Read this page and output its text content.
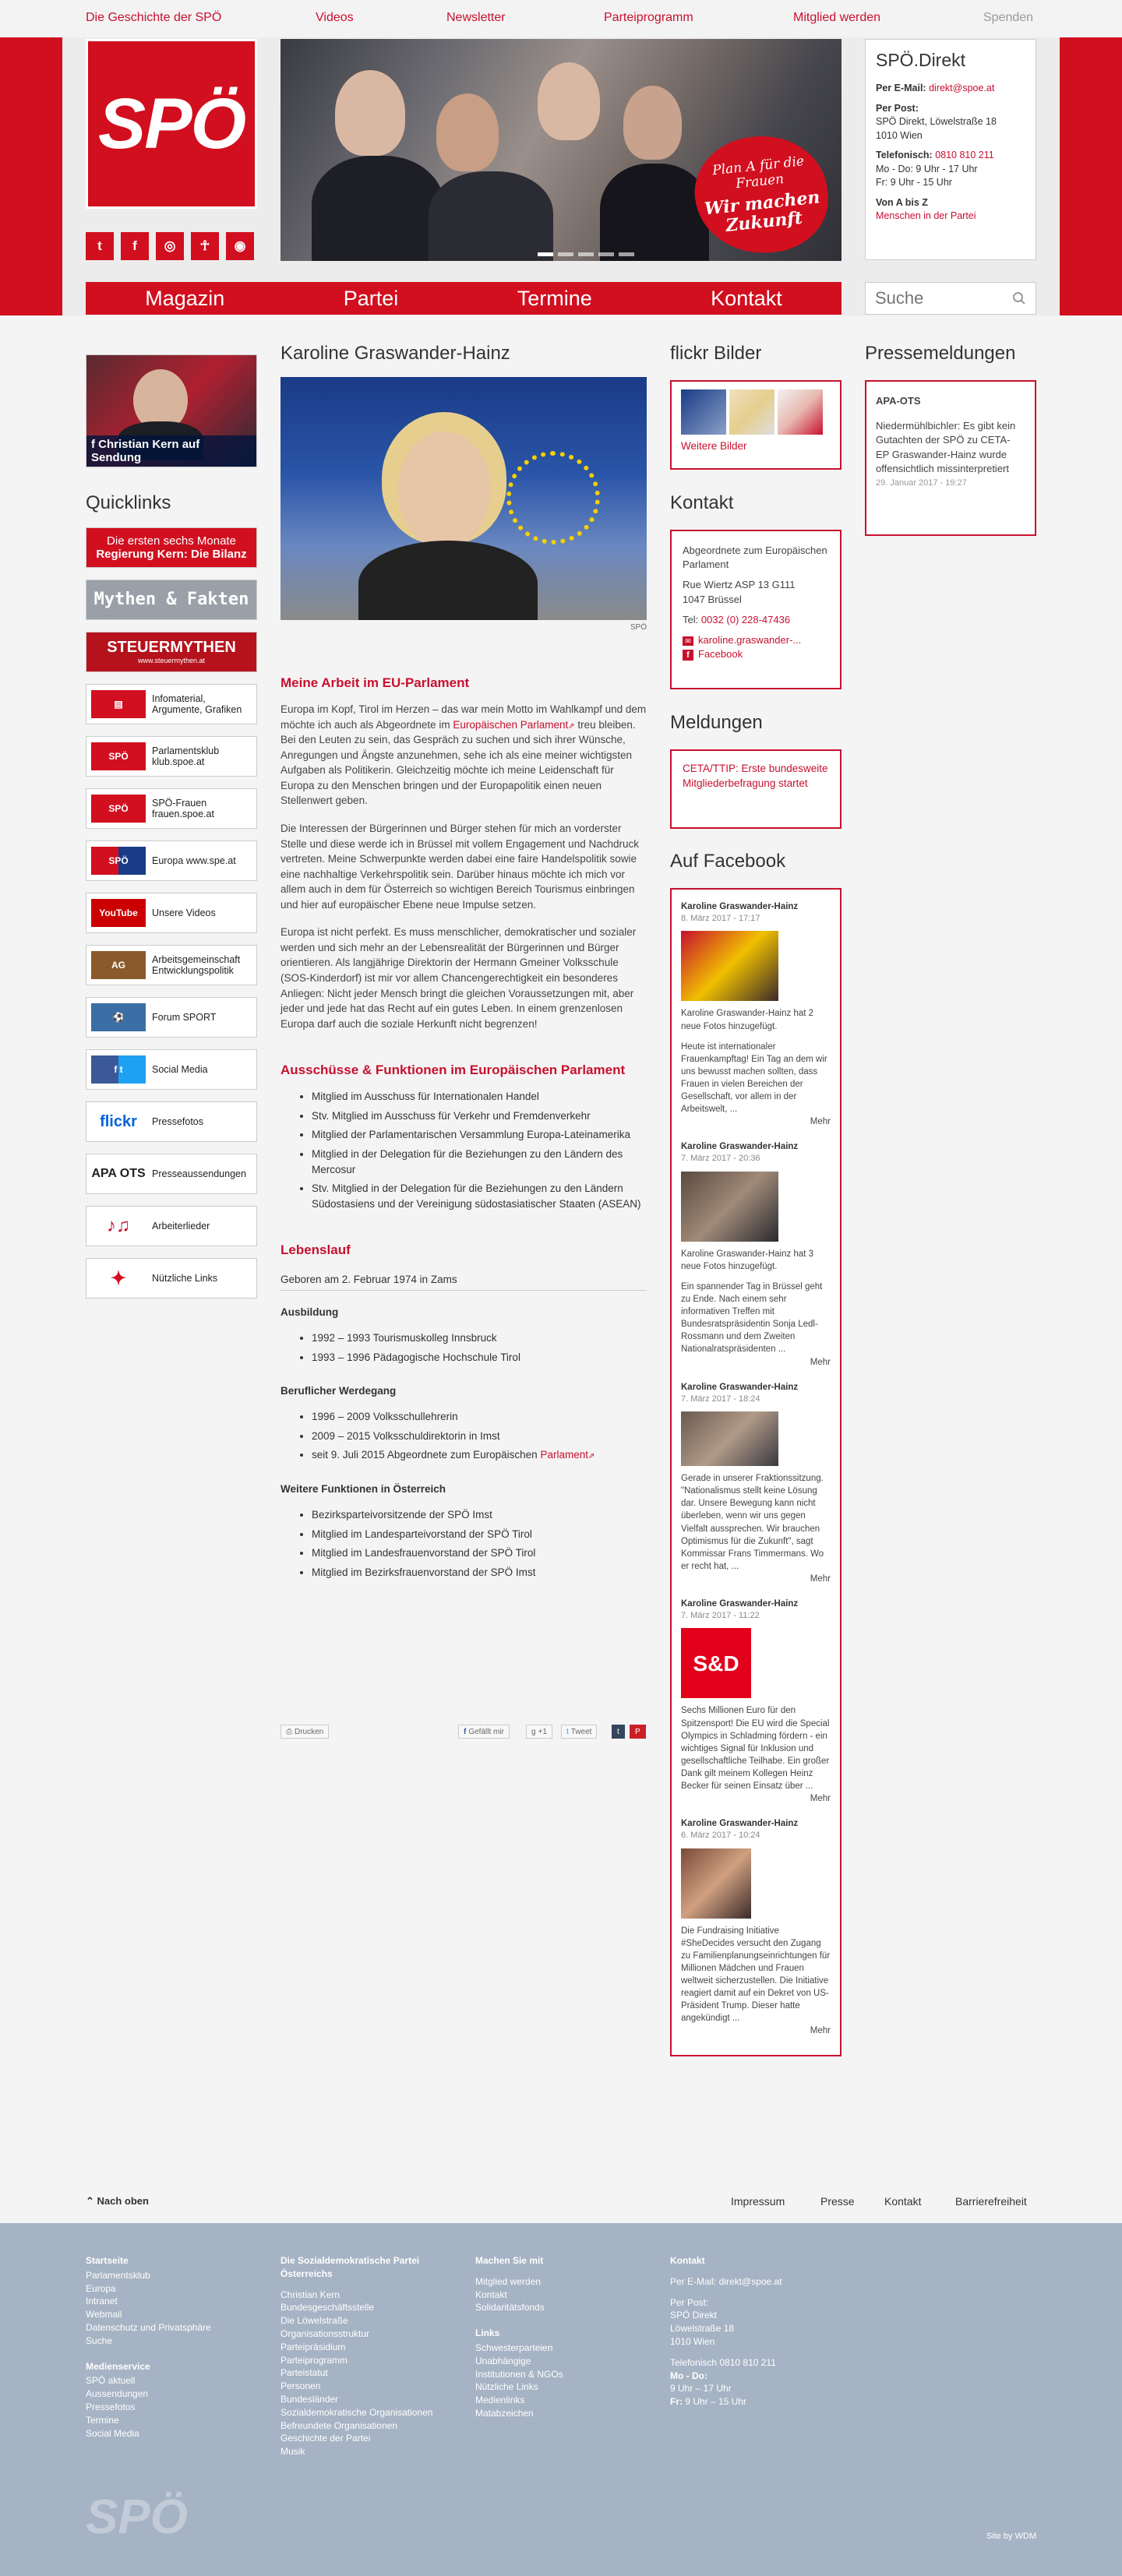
Die Geschichte der SPÖ	Videos	Newsletter	Parteiprogramm	Mitglied werden	Spenden
SPÖ
t	f	◎	☥	◉
Plan A für die Frauen
Wir machen Zukunft
SPÖ.Direkt
Per E-Mail: direkt@spoe.at
Per Post:
SPÖ Direkt, Löwelstraße 18
1010 Wien
Telefonisch: 0810 810 211
Mo - Do: 9 Uhr - 17 Uhr
Fr: 9 Uhr - 15 Uhr
Von A bis Z
Menschen in der Partei
Magazin	Partei	Termine	Kontakt
Suche
f Christian Kern auf Sendung
Quicklinks
Die ersten sechs Monate
Regierung Kern: Die Bilanz
Mythen & Fakten
STEUERMYTHEN
www.steuermythen.at
▤	Infomaterial, Argumente, Grafiken
SPÖ	Parlamentsklub klub.spoe.at
SPÖ	SPÖ-Frauen frauen.spoe.at
SPÖ	Europa www.spe.at
YouTube	Unsere Videos
AG	Arbeitsgemeinschaft Entwicklungspolitik
⚽	Forum SPORT
f t	Social Media
flickr	Pressefotos
APA OTS Presseaussendungen
♪♫	Arbeiterlieder
✦	Nützliche Links
Karoline Graswander-Hainz
SPÖ
Meine Arbeit im EU-Parlament

Europa im Kopf, Tirol im Herzen – das war mein Motto im Wahlkampf und dem möchte ich auch als Abgeordnete im Europäischen Parlament⇗ treu bleiben. Bei den Leuten zu sein, das Gespräch zu suchen und sich ihrer Wünsche, Anregungen und Ängste anzunehmen, sehe ich als eine meiner wichtigsten Aufgaben als Politikerin. Gleichzeitig möchte ich meine Leidenschaft für Europa zu den Menschen bringen und der Europapolitik einen neuen Stellenwert geben.

Die Interessen der Bürgerinnen und Bürger stehen für mich an vorderster Stelle und diese werde ich in Brüssel mit vollem Engagement und Nachdruck vertreten. Meine Schwerpunkte werden dabei eine faire Handelspolitik sowie eine nachhaltige Verkehrspolitik sein. Darüber hinaus möchte ich mich vor allem auch in dem für Österreich so wichtigen Bereich Tourismus einbringen und hier auf europäischer Ebene neue Impulse setzen.

Europa ist nicht perfekt. Es muss menschlicher, demokratischer und sozialer werden und sich mehr an der Lebensrealität der Bürgerinnen und Bürger orientieren. Als langjährige Direktorin der Hermann Gmeiner Volksschule (SOS-Kinderdorf) ist mir vor allem Chancengerechtigkeit ein besonderes Anliegen: Nicht jeder Mensch bringt die gleichen Voraussetzungen mit, aber jeder und jede hat das Recht auf ein gutes Leben. In einem grenzenlosen Europa darf auch die soziale Herkunft nicht begrenzen!

Ausschüsse & Funktionen im Europäischen Parlament
• Mitglied im Ausschuss für Internationalen Handel
• Stv. Mitglied im Ausschuss für Verkehr und Fremdenverkehr
• Mitglied der Parlamentarischen Versammlung Europa-Lateinamerika
• Mitglied in der Delegation für die Beziehungen zu den Ländern des Mercosur
• Stv. Mitglied in der Delegation für die Beziehungen zu den Ländern Südostasiens und der Vereinigung südostasiatischer Staaten (ASEAN)
Lebenslauf
Geboren am 2. Februar 1974 in Zams
Ausbildung
• 1992 – 1993 Tourismuskolleg Innsbruck
• 1993 – 1996 Pädagogische Hochschule Tirol
Beruflicher Werdegang
• 1996 – 2009 Volksschullehrerin
• 2009 – 2015 Volksschuldirektorin in Imst
• seit 9. Juli 2015 Abgeordnete zum Europäischen Parlament⇗
Weitere Funktionen in Österreich
• Bezirksparteivorsitzende der SPÖ Imst
• Mitglied im Landesparteivorstand der SPÖ Tirol
• Mitglied im Landesfrauenvorstand der SPÖ Tirol
• Mitglied im Bezirksfrauenvorstand der SPÖ Imst
⎙ Drucken	f Gefällt mir	g +1	t Tweet	t P
flickr Bilder
Weitere Bilder
Kontakt
Abgeordnete zum Europäischen Parlament
Rue Wiertz ASP 13 G111
1047 Brüssel
Tel: 0032 (0) 228-47436
✉ karoline.graswander-...
f Facebook
Meldungen
CETA/TTIP: Erste bundesweite Mitgliederbefragung startet
Auf Facebook
Karoline Graswander-Hainz
8. März 2017 - 17:17
Karoline Graswander-Hainz hat 2 neue Fotos hinzugefügt.
Heute ist internationaler Frauenkampftag! Ein Tag an dem wir uns bewusst machen sollten, dass Frauen in vielen Bereichen der Gesellschaft, vor allem in der Arbeitswelt, ...
Mehr
Karoline Graswander-Hainz
7. März 2017 - 20:36
Karoline Graswander-Hainz hat 3 neue Fotos hinzugefügt.
Ein spannender Tag in Brüssel geht zu Ende. Nach einem sehr informativen Treffen mit Bundesratspräsidentin Sonja Ledl-Rossmann und dem Zweiten Nationalratspräsidenten ...
Mehr
Karoline Graswander-Hainz
7. März 2017 - 18:24
Gerade in unserer Fraktionssitzung. "Nationalismus stellt keine Lösung dar. Unsere Bewegung kann nicht überleben, wenn wir uns gegen Vielfalt aussprechen. Wir brauchen Optimismus für die Zukunft", sagt Kommissar Frans Timmermans. Wo er recht hat, ...
Mehr
Karoline Graswander-Hainz
7. März 2017 - 11:22
S&D
Sechs Millionen Euro für den Spitzensport! Die EU wird die Special Olympics in Schladming fördern - ein wichtiges Signal für Inklusion und gesellschaftliche Teilhabe. Ein großer Dank gilt meinem Kollegen Heinz Becker für seinen Einsatz über ...
Mehr
Karoline Graswander-Hainz
6. März 2017 - 10:24
Die Fundraising Initiative #SheDecides versucht den Zugang zu Familienplanungseinrichtungen für Millionen Mädchen und Frauen weltweit sicherzustellen. Die Initiative reagiert damit auf ein Dekret von US-Präsident Trump. Dieser hatte angekündigt ...
Mehr
Pressemeldungen
APA-OTS
Niedermühlbichler: Es gibt kein Gutachten der SPÖ zu CETA- EP Graswander-Hainz wurde offensichtlich missinterpretiert
29. Januar 2017 - 19:27
⌃ Nach oben	Impressum	Presse	Kontakt	Barrierefreiheit
Startseite
Parlamentsklub
Europa
Intranet
Webmail
Datenschutz und Privatsphäre
Suche
Medienservice
SPÖ aktuell
Aussendungen
Pressefotos
Termine
Social Media
Die Sozialdemokratische Partei Österreichs
Christian Kern
Bundesgeschäftsstelle
Die Löwelstraße
Organisationsstruktur
Parteipräsidium
Parteiprogramm
Parteistatut
Personen
Bundesländer
Sozialdemokratische Organisationen
Befreundete Organisationen
Geschichte der Partei
Musik
Machen Sie mit
Mitglied werden
Kontakt
Solidaritätsfonds
Links
Schwesterparteien
Unabhängige
Institutionen & NGOs
Nützliche Links
Medienlinks
Matabzeichen
Kontakt
Per E-Mail: direkt@spoe.at
Per Post:
SPÖ Direkt
Löwelstraße 18
1010 Wien
Telefonisch 0810 810 211
Mo - Do:
9 Uhr – 17 Uhr
Fr: 9 Uhr – 15 Uhr
SPÖ	Site by WDM
